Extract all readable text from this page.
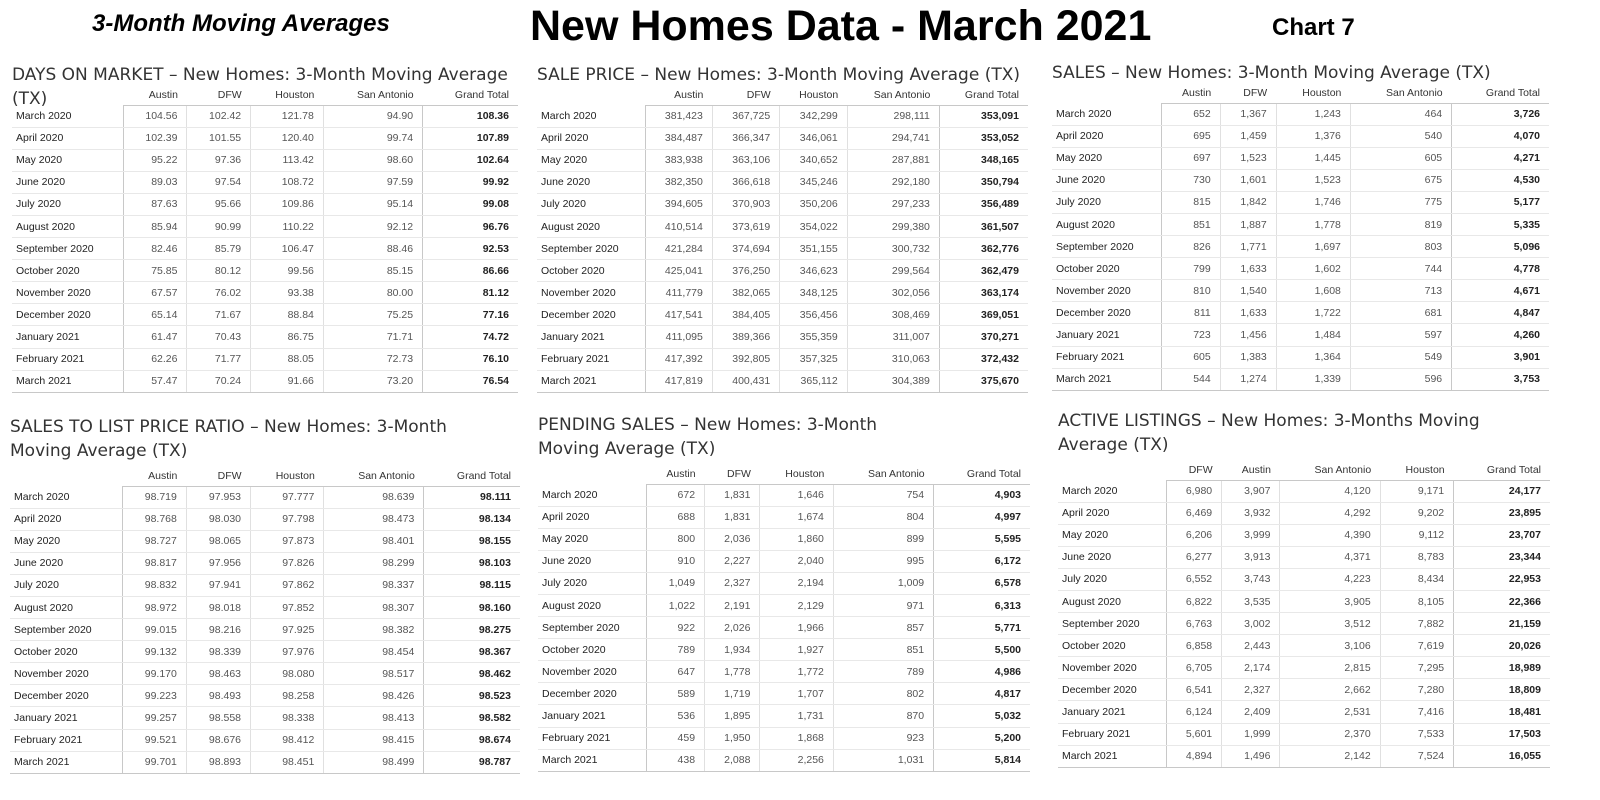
3-Month Moving Averages	New Homes Data - March 2021	Chart 7
DAYS ON MARKET – New Homes: 3-Month Moving Average (TX)
		Austin	DFW	Houston	San Antonio	Grand Total
March 2020	104.56	102.42	121.78	94.90	108.36
April 2020	102.39	101.55	120.40	99.74	107.89
May 2020	95.22	97.36	113.42	98.60	102.64
June 2020	89.03	97.54	108.72	97.59	99.92
July 2020	87.63	95.66	109.86	95.14	99.08
August 2020	85.94	90.99	110.22	92.12	96.76
September 2020	82.46	85.79	106.47	88.46	92.53
October 2020	75.85	80.12	99.56	85.15	86.66
November 2020	67.57	76.02	93.38	80.00	81.12
December 2020	65.14	71.67	88.84	75.25	77.16
January 2021	61.47	70.43	86.75	71.71	74.72
February 2021	62.26	71.77	88.05	72.73	76.10
March 2021	57.47	70.24	91.66	73.20	76.54
SALE PRICE – New Homes: 3-Month Moving Average (TX)
	Austin	DFW	Houston	San Antonio	Grand Total
March 2020	381,423	367,725	342,299	298,111	353,091
April 2020	384,487	366,347	346,061	294,741	353,052
May 2020	383,938	363,106	340,652	287,881	348,165
June 2020	382,350	366,618	345,246	292,180	350,794
July 2020	394,605	370,903	350,206	297,233	356,489
August 2020	410,514	373,619	354,022	299,380	361,507
September 2020	421,284	374,694	351,155	300,732	362,776
October 2020	425,041	376,250	346,623	299,564	362,479
November 2020	411,779	382,065	348,125	302,056	363,174
December 2020	417,541	384,405	356,456	308,469	369,051
January 2021	411,095	389,366	355,359	311,007	370,271
February 2021	417,392	392,805	357,325	310,063	372,432
March 2021	417,819	400,431	365,112	304,389	375,670
SALES – New Homes: 3-Month Moving Average (TX)
	Austin	DFW	Houston	San Antonio	Grand Total
March 2020	652	1,367	1,243	464	3,726
April 2020	695	1,459	1,376	540	4,070
May 2020	697	1,523	1,445	605	4,271
June 2020	730	1,601	1,523	675	4,530
July 2020	815	1,842	1,746	775	5,177
August 2020	851	1,887	1,778	819	5,335
September 2020	826	1,771	1,697	803	5,096
October 2020	799	1,633	1,602	744	4,778
November 2020	810	1,540	1,608	713	4,671
December 2020	811	1,633	1,722	681	4,847
January 2021	723	1,456	1,484	597	4,260
February 2021	605	1,383	1,364	549	3,901
March 2021	544	1,274	1,339	596	3,753
SALES TO LIST PRICE RATIO – New Homes: 3-Month Moving Average (TX)
	Austin	DFW	Houston	San Antonio	Grand Total
March 2020	98.719	97.953	97.777	98.639	98.111
April 2020	98.768	98.030	97.798	98.473	98.134
May 2020	98.727	98.065	97.873	98.401	98.155
June 2020	98.817	97.956	97.826	98.299	98.103
July 2020	98.832	97.941	97.862	98.337	98.115
August 2020	98.972	98.018	97.852	98.307	98.160
September 2020	99.015	98.216	97.925	98.382	98.275
October 2020	99.132	98.339	97.976	98.454	98.367
November 2020	99.170	98.463	98.080	98.517	98.462
December 2020	99.223	98.493	98.258	98.426	98.523
January 2021	99.257	98.558	98.338	98.413	98.582
February 2021	99.521	98.676	98.412	98.415	98.674
March 2021	99.701	98.893	98.451	98.499	98.787
PENDING SALES – New Homes: 3-Month Moving Average (TX)
	Austin	DFW	Houston	San Antonio	Grand Total
March 2020	672	1,831	1,646	754	4,903
April 2020	688	1,831	1,674	804	4,997
May 2020	800	2,036	1,860	899	5,595
June 2020	910	2,227	2,040	995	6,172
July 2020	1,049	2,327	2,194	1,009	6,578
August 2020	1,022	2,191	2,129	971	6,313
September 2020	922	2,026	1,966	857	5,771
October 2020	789	1,934	1,927	851	5,500
November 2020	647	1,778	1,772	789	4,986
December 2020	589	1,719	1,707	802	4,817
January 2021	536	1,895	1,731	870	5,032
February 2021	459	1,950	1,868	923	5,200
March 2021	438	2,088	2,256	1,031	5,814
ACTIVE LISTINGS – New Homes: 3-Months Moving Average (TX)
	DFW	Austin	San Antonio	Houston	Grand Total
March 2020	6,980	3,907	4,120	9,171	24,177
April 2020	6,469	3,932	4,292	9,202	23,895
May 2020	6,206	3,999	4,390	9,112	23,707
June 2020	6,277	3,913	4,371	8,783	23,344
July 2020	6,552	3,743	4,223	8,434	22,953
August 2020	6,822	3,535	3,905	8,105	22,366
September 2020	6,763	3,002	3,512	7,882	21,159
October 2020	6,858	2,443	3,106	7,619	20,026
November 2020	6,705	2,174	2,815	7,295	18,989
December 2020	6,541	2,327	2,662	7,280	18,809
January 2021	6,124	2,409	2,531	7,416	18,481
February 2021	5,601	1,999	2,370	7,533	17,503
March 2021	4,894	1,496	2,142	7,524	16,055
